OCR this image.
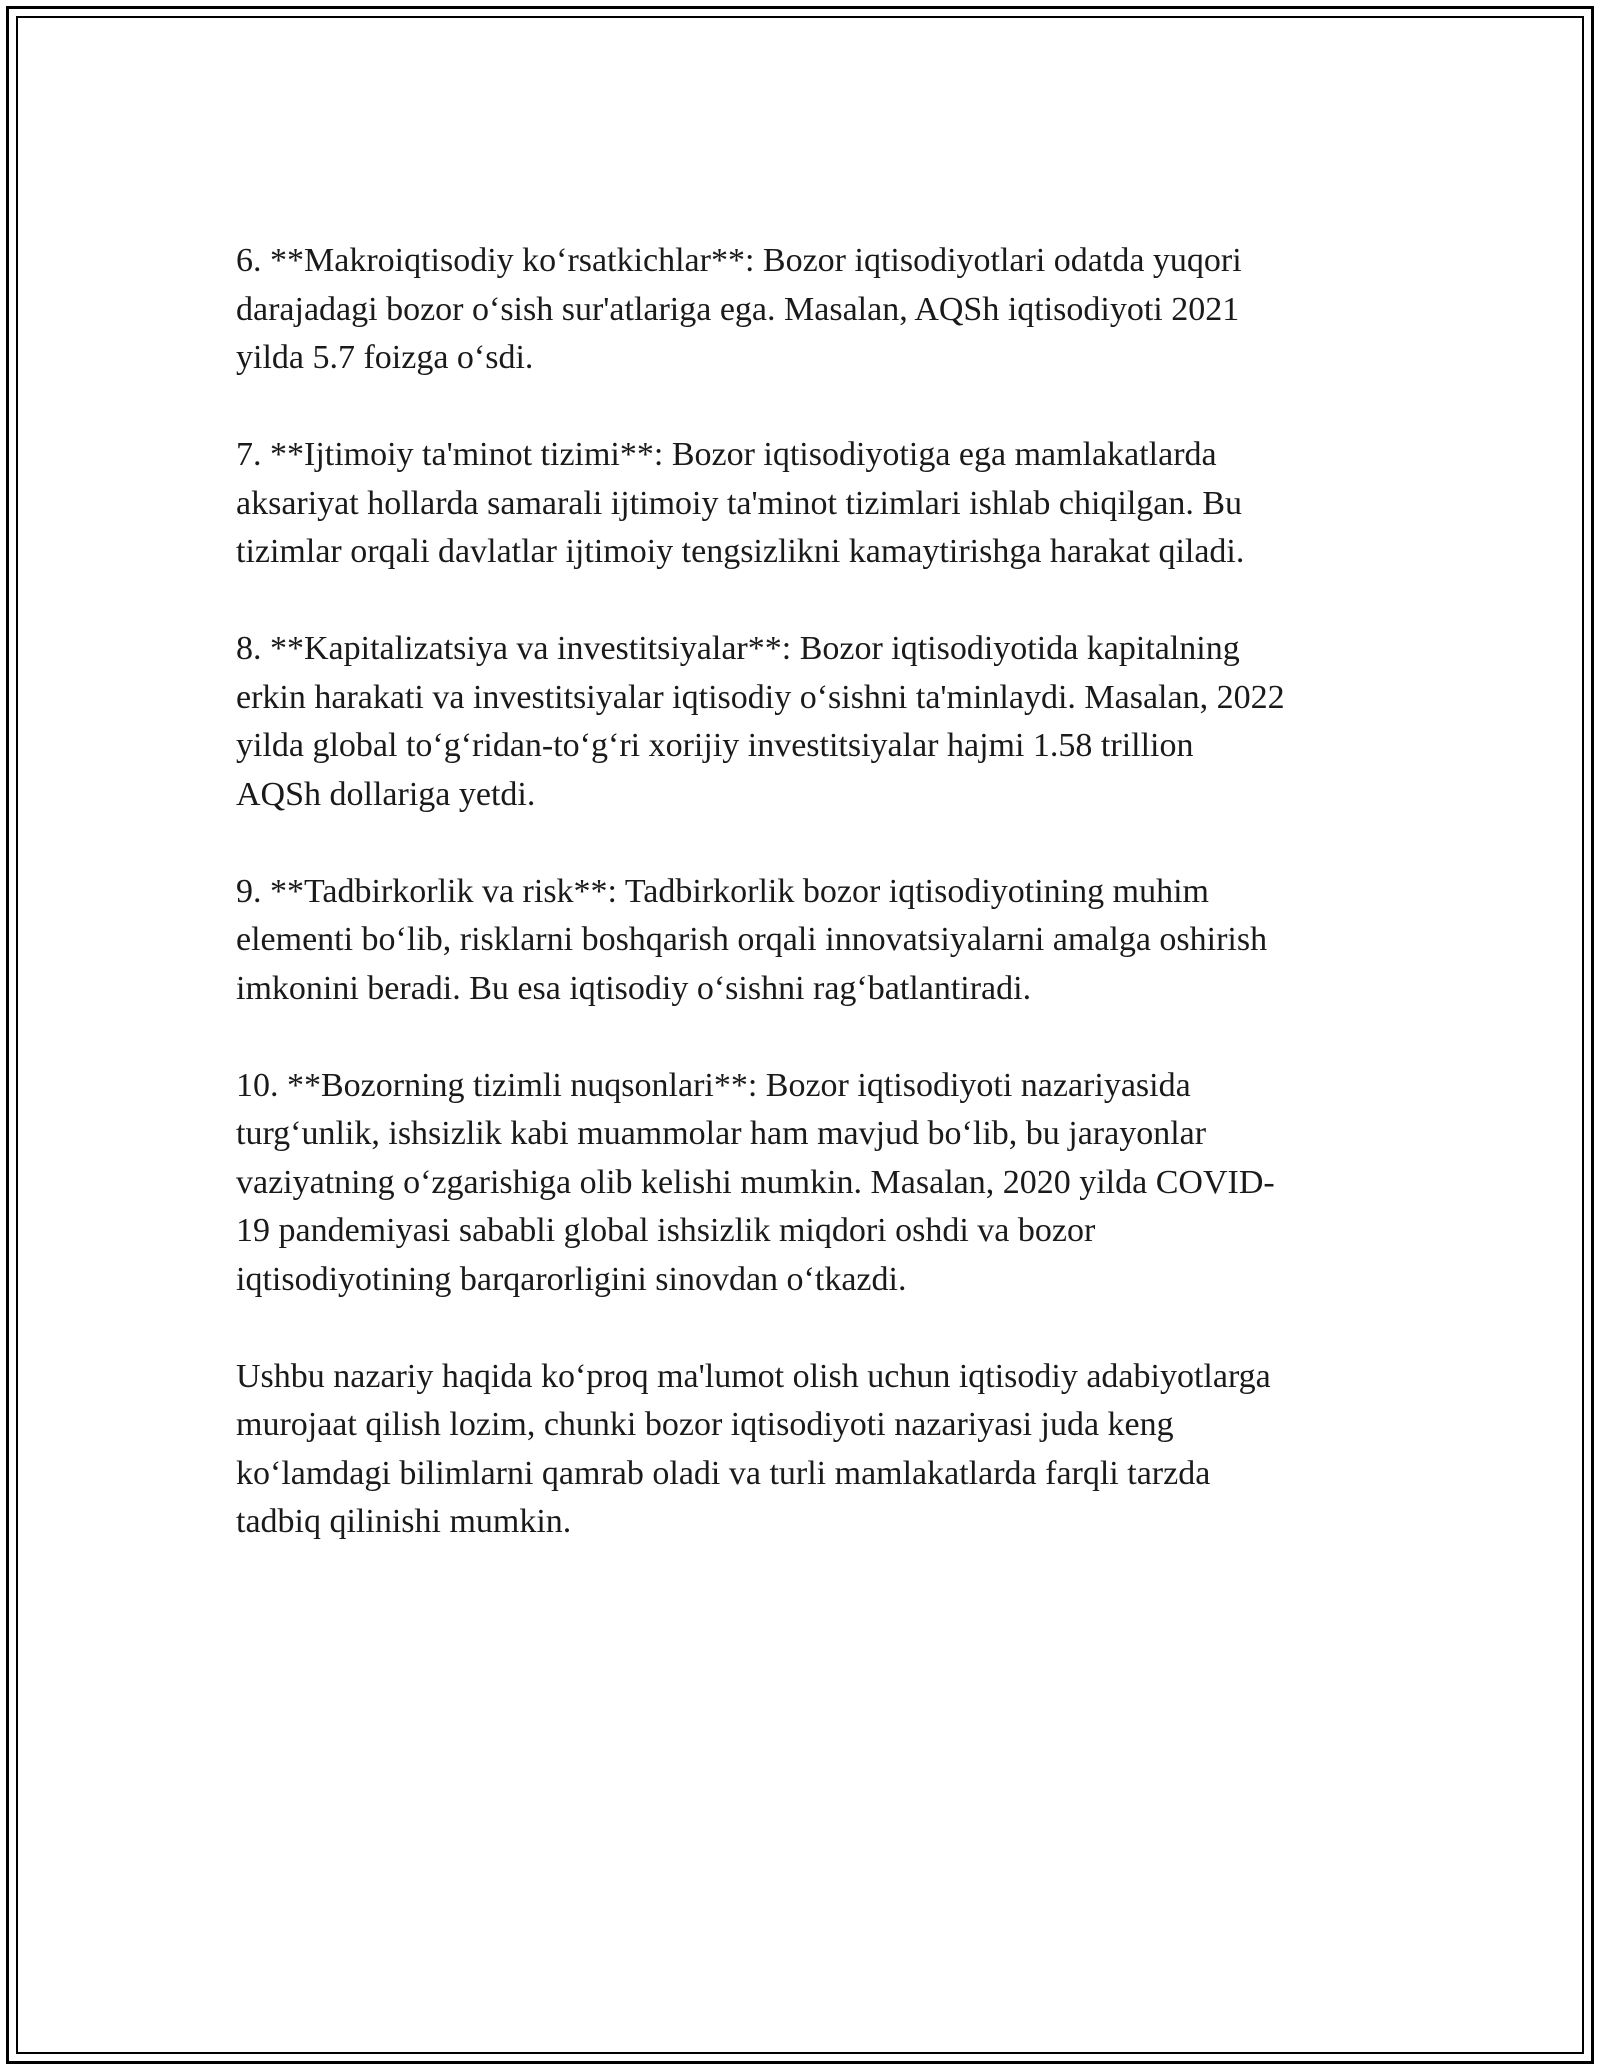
6. **Makroiqtisodiy ko‘rsatkichlar**: Bozor iqtisodiyotlari odatda yuqori
darajadagi bozor o‘sish sur'atlariga ega. Masalan, AQSh iqtisodiyoti 2021
yilda 5.7 foizga o‘sdi.

7. **Ijtimoiy ta'minot tizimi**: Bozor iqtisodiyotiga ega mamlakatlarda
aksariyat hollarda samarali ijtimoiy ta'minot tizimlari ishlab chiqilgan. Bu
tizimlar orqali davlatlar ijtimoiy tengsizlikni kamaytirishga harakat qiladi.

8. **Kapitalizatsiya va investitsiyalar**: Bozor iqtisodiyotida kapitalning
erkin harakati va investitsiyalar iqtisodiy o‘sishni ta'minlaydi. Masalan, 2022
yilda global to‘g‘ridan-to‘g‘ri xorijiy investitsiyalar hajmi 1.58 trillion
AQSh dollariga yetdi.

9. **Tadbirkorlik va risk**: Tadbirkorlik bozor iqtisodiyotining muhim
elementi bo‘lib, risklarni boshqarish orqali innovatsiyalarni amalga oshirish
imkonini beradi. Bu esa iqtisodiy o‘sishni rag‘batlantiradi.

10. **Bozorning tizimli nuqsonlari**: Bozor iqtisodiyoti nazariyasida
turg‘unlik, ishsizlik kabi muammolar ham mavjud bo‘lib, bu jarayonlar
vaziyatning o‘zgarishiga olib kelishi mumkin. Masalan, 2020 yilda COVID-
19 pandemiyasi sababli global ishsizlik miqdori oshdi va bozor
iqtisodiyotining barqarorligini sinovdan o‘tkazdi.

Ushbu nazariy haqida ko‘proq ma'lumot olish uchun iqtisodiy adabiyotlarga
murojaat qilish lozim, chunki bozor iqtisodiyoti nazariyasi juda keng
ko‘lamdagi bilimlarni qamrab oladi va turli mamlakatlarda farqli tarzda
tadbiq qilinishi mumkin.
